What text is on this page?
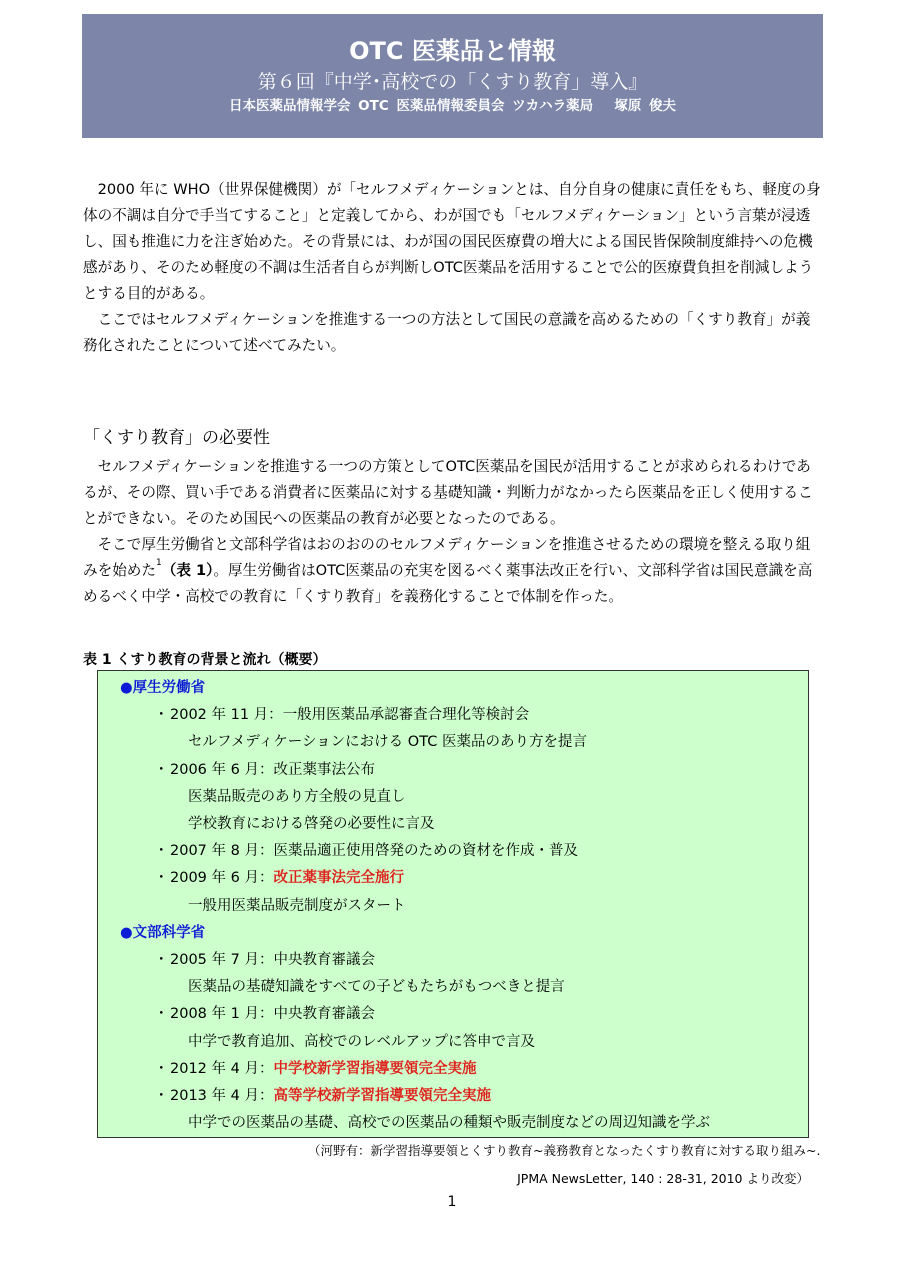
OTC 医薬品と情報
第６回『中学･高校での「くすり教育」導入』
日本医薬品情報学会 OTC 医薬品情報委員会 ツカハラ薬局　 塚原 俊夫

2000 年に WHO（世界保健機関）が「セルフメディケーションとは、自分自身の健康に責任をもち、軽度の身体の不調は自分で手当てすること」と定義してから、わが国でも「セルフメディケーション」という言葉が浸透し、国も推進に力を注ぎ始めた。その背景には、わが国の国民医療費の増大による国民皆保険制度維持への危機感があり、そのため軽度の不調は生活者自らが判断しOTC医薬品を活用することで公的医療費負担を削減しようとする目的がある。

ここではセルフメディケーションを推進する一つの方法として国民の意識を高めるための「くすり教育」が義務化されたことについて述べてみたい。

「くすり教育」の必要性

セルフメディケーションを推進する一つの方策としてOTC医薬品を国民が活用することが求められるわけであるが、その際、買い手である消費者に医薬品に対する基礎知識・判断力がなかったら医薬品を正しく使用することができない。そのため国民への医薬品の教育が必要となったのである。

そこで厚生労働省と文部科学省はおのおののセルフメディケーションを推進させるための環境を整える取り組みを始めた$^1$（表 1）。厚生労働省はOTC医薬品の充実を図るべく薬事法改正を行い、文部科学省は国民意識を高めるべく中学・高校での教育に「くすり教育」を義務化することで体制を作った。

表 1 くすり教育の背景と流れ（概要）
●厚生労働省
・ 2002 年 11 月：一般用医薬品承認審査合理化等検討会
セルフメディケーションにおける OTC 医薬品のあり方を提言
・ 2006 年 6 月：改正薬事法公布
医薬品販売のあり方全般の見直し
学校教育における啓発の必要性に言及
・ 2007 年 8 月：医薬品適正使用啓発のための資材を作成・普及
・ 2009 年 6 月：改正薬事法完全施行
一般用医薬品販売制度がスタート
●文部科学省
・ 2005 年 7 月：中央教育審議会
医薬品の基礎知識をすべての子どもたちがもつべきと提言
・ 2008 年 1 月：中央教育審議会
中学で教育追加、高校でのレベルアップに答申で言及
・ 2012 年 4 月：中学校新学習指導要領完全実施
・ 2013 年 4 月：高等学校新学習指導要領完全実施
中学での医薬品の基礎、高校での医薬品の種類や販売制度などの周辺知識を学ぶ
（河野有：新学習指導要領とくすり教育~義務教育となったくすり教育に対する取り組み~.
JPMA NewsLetter, 140 : 28-31, 2010 より改変）
1
